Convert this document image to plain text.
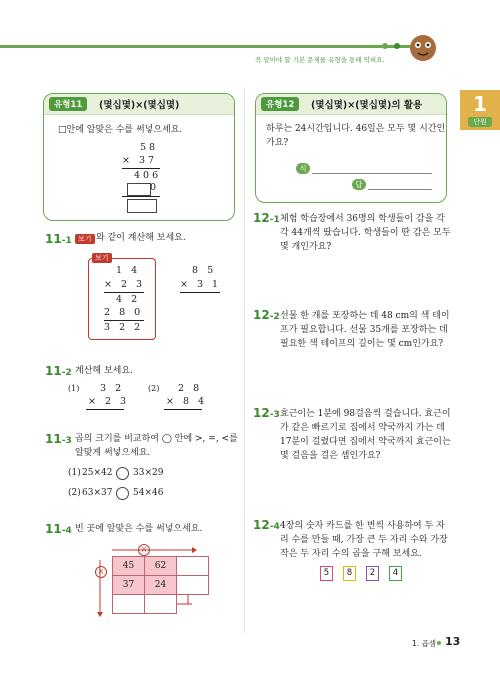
꼭 알아야 할 기본 문제를 유형을 통해 익혀요.
1
단원
유형11	(몇십몇)×(몇십몇)
□안에 알맞은 수를 써넣으세요.
58
× 37
406
0
11-1 보기 와 같이 계산해 보세요.
보기
1 4
× 2 3
4 2
2 8 0
3 2 2
8 5
× 3 1
11-2 계산해 보세요.
(1) 3 2
× 2 3
(2) 2 8
× 8 4
11-3 곱의 크기를 비교하여 ◯ 안에 >, =, <를
알맞게 써넣으세요.
(1) 25×42 33×29
(2) 63×37 54×46
11-4 빈 곳에 알맞은 수를 써넣으세요.
×
×
45	62
37	24
유형12	(몇십몇)×(몇십몇)의 활용
하루는 24시간입니다. 46일은 모두 몇 시간인
가요?
식
답
12-1 체험 학습장에서 36명의 학생들이 감을 각
각 44개씩 땄습니다. 학생들이 딴 감은 모두
몇 개인가요?
12-2 선물 한 개를 포장하는 데 48 cm의 색 테이
프가 필요합니다. 선물 35개를 포장하는 데
필요한 색 테이프의 길이는 몇 cm인가요?
12-3 효근이는 1분에 98걸음씩 걸습니다. 효근이
가 같은 빠르기로 집에서 약국까지 가는 데
17분이 걸렸다면 집에서 약국까지 효근이는
몇 걸음을 걸은 셈인가요?
12-4 4장의 숫자 카드를 한 번씩 사용하여 두 자
리 수를 만들 때, 가장 큰 두 자리 수와 가장
작은 두 자리 수의 곱을 구해 보세요.
5	8	2	4
1. 곱셈 13
